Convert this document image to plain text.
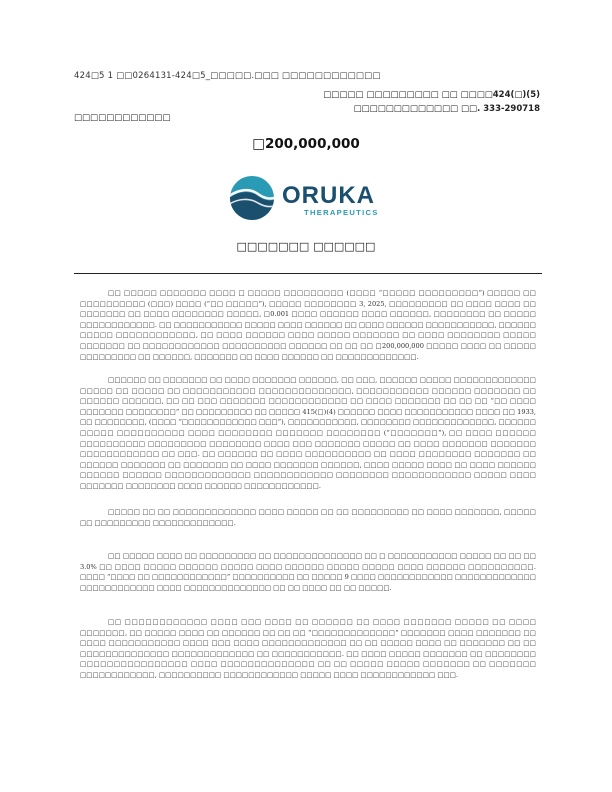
424□5 1 □□0264131-424□5_□□□□□.□□□ □□□□□□□□□□□□
□□□□□ □□□□□□□□□ □□ □□□□424(□)(5)
□□□□□□□□□□□□□ □□. 333-290718
□□□□□□□□□□□□
□200,000,000
ORUKA
THERAPEUTICS
□□□□□□□ □□□□□□

□□ □□□□□ □□□□□□□ □□□□ □ □□□□□ □□□□□□□□□ (□□□□ “□□□□□ □□□□□□□□□”) □□□□□ □□ □□□□□□□□□□ (□□□) □□□□ (“□□ □□□□□”), □□□□□ □□□□□□□□ 3, 2025, □□□□□□□□□ □□ □□□□ □□□□ □□ □□□□□□□ □□ □□□□ □□□□□□□□ □□□□□, □0.001 □□□□ □□□□□□ □□□□ □□□□□□, □□□□□□□□ □□ □□□□□ □□□□□□□□□□□□. □□ □□□□□□□□□□□ □□□□□ □□□□ □□□□□□ □□ □□□□ □□□□□□ □□□□□□□□□□□, □□□□□□ □□□□□ □□□□□□□□□□□□, □□ □□□□ □□□□□□ □□□□ □□□□□ □□□□□□□ □□ □□□□ □□□□□□□□ □□□□□ □□□□□□□ □□ □□□□□□□□□□□□ □□□□□□□□□□ □□□□□□ □□ □□ □□ □200,000,000 □□□□□ □□□□ □□ □□□□□ □□□□□□□□□ □□ □□□□□□, □□□□□□□ □□ □□□□ □□□□□□ □□ □□□□□□□□□□□□□.

□□□□□□ □□ □□□□□□□ □□ □□□□ □□□□□□□ □□□□□□, □□ □□□, □□□□□□ □□□□□ □□□□□□□□□□□□□ □□□□□ □□ □□□□□ □□ □□□□□□□□□□□ □□□□□□□□□□□□□□, □□□□□□□□□□□ □□□□□□ □□□□□□□ □□ □□□□□□ □□□□□□, □□ □□ □□□ □□□□□□□ □□□□□□□□□□□□ □□ □□□□ □□□□□□□ □□ □□ □□ “□□ □□□□ □□□□□□□ □□□□□□□□” □□ □□□□□□□□□ □□ □□□□□ 415(□)(4) □□□□□□ □□□□ □□□□□□□□□□□ □□□□ □□ 1933, □□ □□□□□□□□, (□□□□ “□□□□□□□□□□□□ □□□”), □□□□□□□□□□□, □□□□□□□□ □□□□□□□□□□□□□, □□□□□□ □□□□□ □□□□□□□□□□ □□□□ □□□□□□□□ □□□□□□□ □□□□□□□□ (“□□□□□□□”), □□ □□□□ □□□□□□ □□□□□□□□□□ □□□□□□□□□ □□□□□□□□ □□□□ □□□ □□□□□□□ □□□□□ □□ □□□□ □□□□□□□ □□□□□□□ □□□□□□□□□□□□ □□ □□□. □□ □□□□□□ □□ □□□□ □□□□□□□□□□ □□ □□□□ □□□□□□□□ □□□□□□□ □□ □□□□□□ □□□□□□□ □□ □□□□□□□ □□ □□□□ □□□□□□□ □□□□□□, □□□□ □□□□□ □□□□ □□ □□□□ □□□□□□ □□□□□□ □□□□□□ □□□□□□□□□□□□□ □□□□□□□□□□□□ □□□□□□□□ □□□□□□□□□□□□ □□□□□ □□□□ □□□□□□□ □□□□□□□□ □□□□ □□□□□□ □□□□□□□□□□□□.

□□□□□ □□ □□ □□□□□□□□□□□□□ □□□□ □□□□□ □□ □□ □□□□□□□□□ □□ □□□□ □□□□□□□, □□□□□ □□ □□□□□□□□□ □□□□□□□□□□□□□.

□□ □□□□□ □□□□ □□ □□□□□□□□□ □□ □□□□□□□□□□□□□□ □□ □ □□□□□□□□□□□ □□□□□ □□ □□ □□ 3.0% □□ □□□□ □□□□□ □□□□□□ □□□□□ □□□□ □□□□□□ □□□□□ □□□□□ □□□□ □□□□□□ □□□□□□□□□□. □□□□ “□□□□ □□ □□□□□□□□□□□□” □□□□□□□□□□ □□ □□□□□ 9 □□□□ □□□□□□□□□□□□ □□□□□□□□□□□□□ □□□□□□□□□□□□ □□□□ □□□□□□□□□□□□□□ □□ □□ □□□□ □□ □□ □□□□□.

□□ □□□□□□□□□□□□ □□□□ □□□ □□□□ □□ □□□□□□ □□ □□□□ □□□□□□□ □□□□□ □□ □□□□ □□□□□□□, □□ □□□□□ □□□□ □□ □□□□□□ □□ □□ □□ “□□□□□□□□□□□□□” □□□□□□□ □□□□ □□□□□□□ □□ □□□□ □□□□□□□□□□□ □□□□ □□□ □□□□ □□□□□□□□□□□□□ □□ □□ □□□□□ □□□□ □□ □□□□□□□ □□ □□ □□□□□□□□□□□□□□ □□□□□□□□□□□□□ □□ □□□□□□□□□□□. □□ □□□□ □□□□□ □□□□□□□ □□ □□□□□□□□ □□□□□□□□□□□□□□□□ □□□□ □□□□□□□□□□□□□□ □□ □□ □□□□□ □□□□□ □□□□□□□ □□ □□□□□□□ □□□□□□□□□□□□, □□□□□□□□□□ □□□□□□□□□□□□ □□□□□ □□□□ □□□□□□□□□□□□ □□□.
